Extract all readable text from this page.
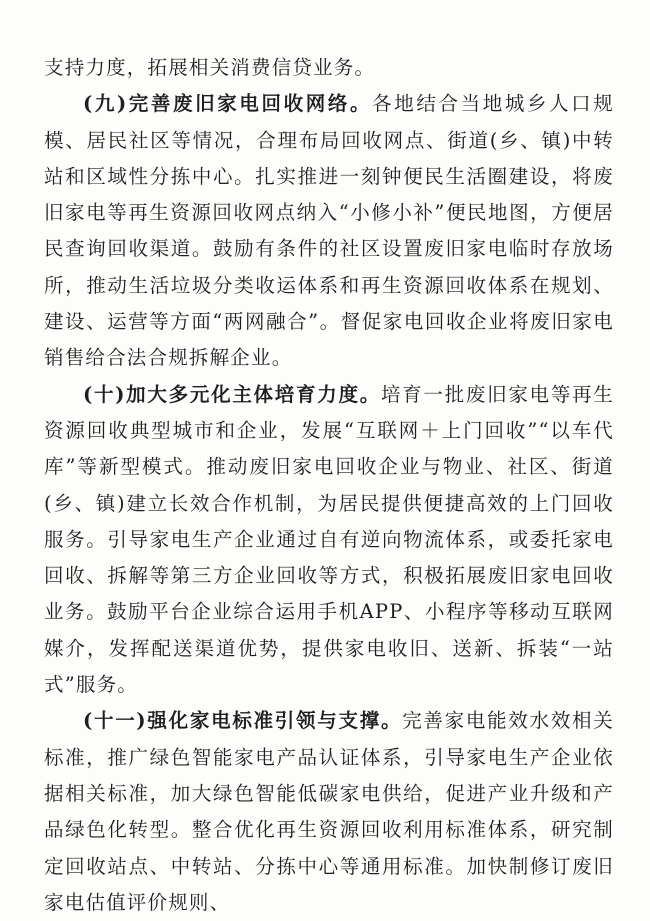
支持力度，拓展相关消费信贷业务。

(九)完善废旧家电回收网络。各地结合当地城乡人口规模、居民社区等情况，合理布局回收网点、街道(乡、镇)中转站和区域性分拣中心。扎实推进一刻钟便民生活圈建设，将废旧家电等再生资源回收网点纳入“小修小补”便民地图，方便居民查询回收渠道。鼓励有条件的社区设置废旧家电临时存放场所，推动生活垃圾分类收运体系和再生资源回收体系在规划、建设、运营等方面“两网融合”。督促家电回收企业将废旧家电销售给合法合规拆解企业。

(十)加大多元化主体培育力度。培育一批废旧家电等再生资源回收典型城市和企业，发展“互联网＋上门回收”“以车代库”等新型模式。推动废旧家电回收企业与物业、社区、街道(乡、镇)建立长效合作机制，为居民提供便捷高效的上门回收服务。引导家电生产企业通过自有逆向物流体系，或委托家电回收、拆解等第三方企业回收等方式，积极拓展废旧家电回收业务。鼓励平台企业综合运用手机APP、小程序等移动互联网媒介，发挥配送渠道优势，提供家电收旧、送新、拆装“一站式”服务。

(十一)强化家电标准引领与支撑。完善家电能效水效相关标准，推广绿色智能家电产品认证体系，引导家电生产企业依据相关标准，加大绿色智能低碳家电供给，促进产业升级和产品绿色化转型。整合优化再生资源回收利用标准体系，研究制定回收站点、中转站、分拣中心等通用标准。加快制修订废旧家电估值评价规则、
